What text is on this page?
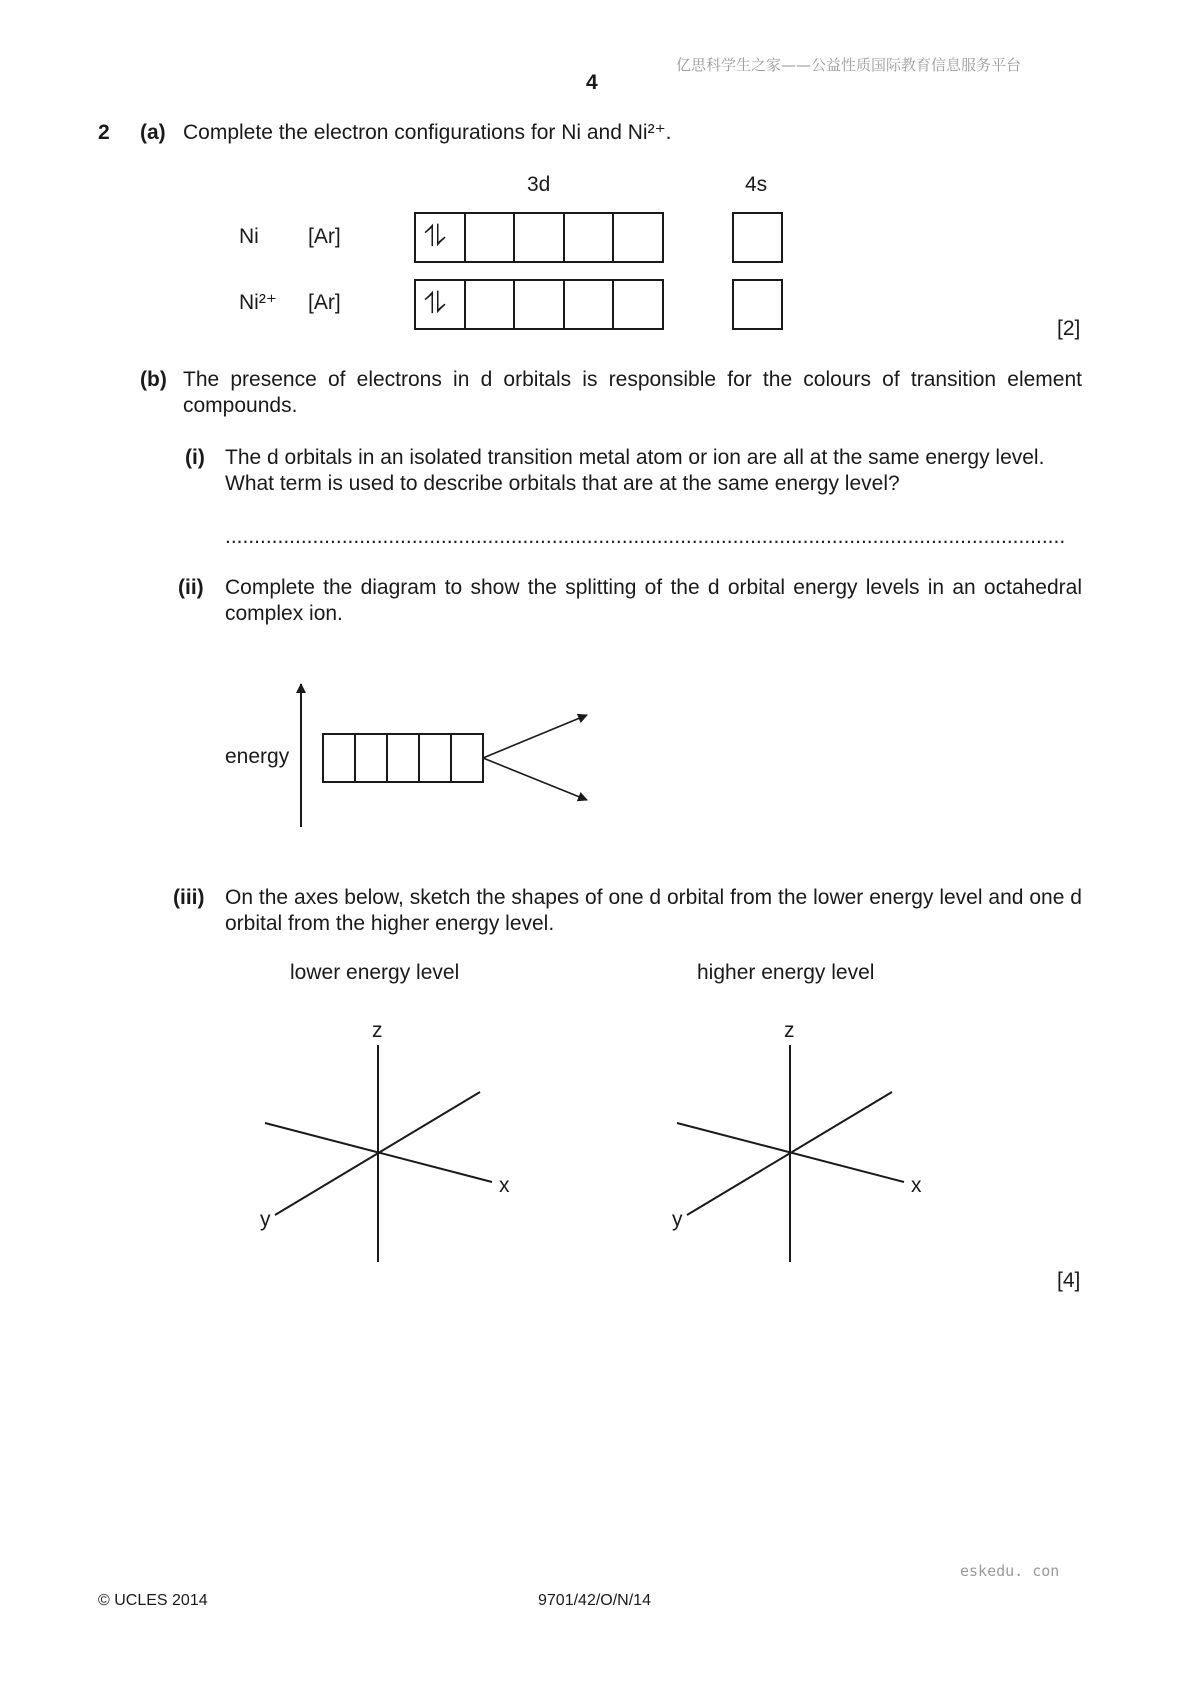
亿思科学生之家——公益性质国际教育信息服务平台
4
2 (a) Complete the electron configurations for Ni and Ni²⁺.
3d	4s
Ni [Ar]	⥮
Ni²⁺ [Ar]	⥮
[2]
(b) The presence of electrons in d orbitals is responsible for the colours of transition element compounds.
(i) The d orbitals in an isolated transition metal atom or ion are all at the same energy level. What term is used to describe orbitals that are at the same energy level?
................................................................................................................................................
(ii) Complete the diagram to show the splitting of the d orbital energy levels in an octahedral complex ion.
energy
(iii) On the axes below, sketch the shapes of one d orbital from the lower energy level and one d orbital from the higher energy level.
lower energy level	higher energy level
z
x
y
z
x
y
[4]
eskedu. con
© UCLES 2014	9701/42/O/N/14
